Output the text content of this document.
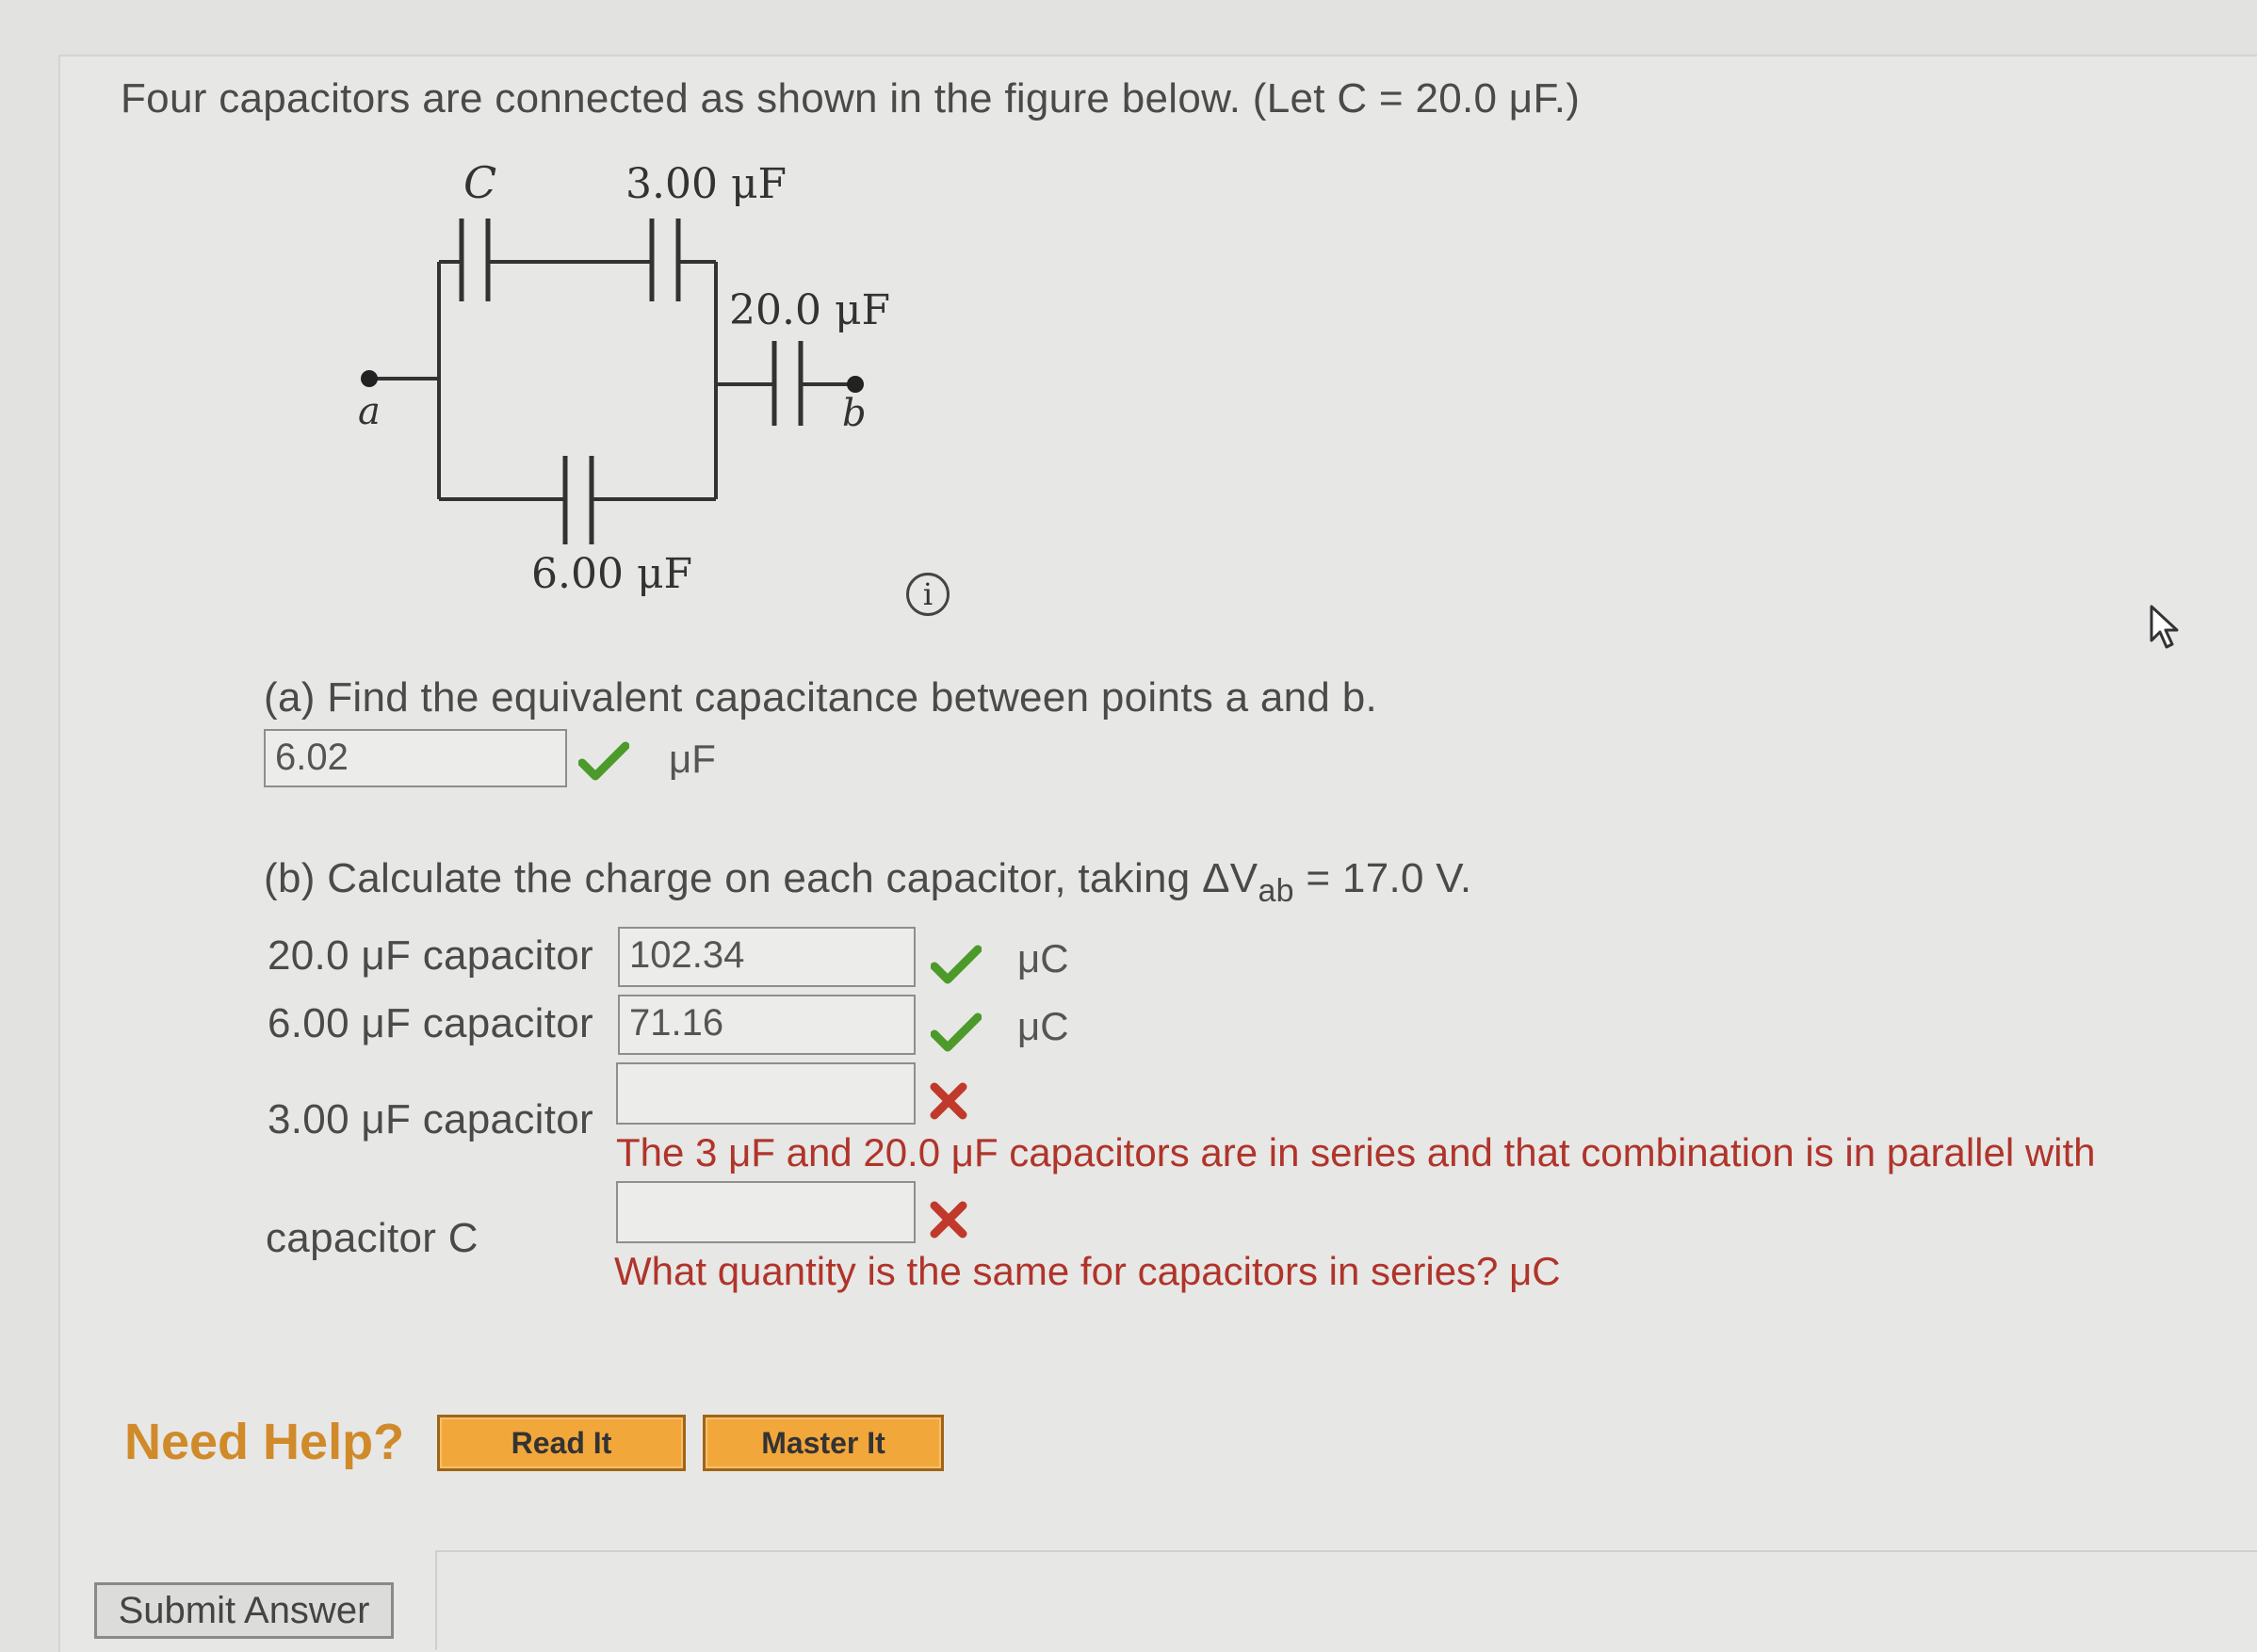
Four capacitors are connected as shown in the figure below. (Let C = 20.0 μF.)
C	3.00 μF
20.0 μF
6.00 μF
a	b
i
(a) Find the equivalent capacitance between points a and b.
6.02	μF
(b) Calculate the charge on each capacitor, taking $\Delta V_{ab} = 17.0$ V.
20.0 μF capacitor 102.34	μC
6.00 μF capacitor 71.16	μC
3.00 μF capacitor
The 3 μF and 20.0 μF capacitors are in series and that combination is in parallel with
capacitor C
What quantity is the same for capacitors in series? μC
Need Help?	Read It	Master It
Submit Answer
